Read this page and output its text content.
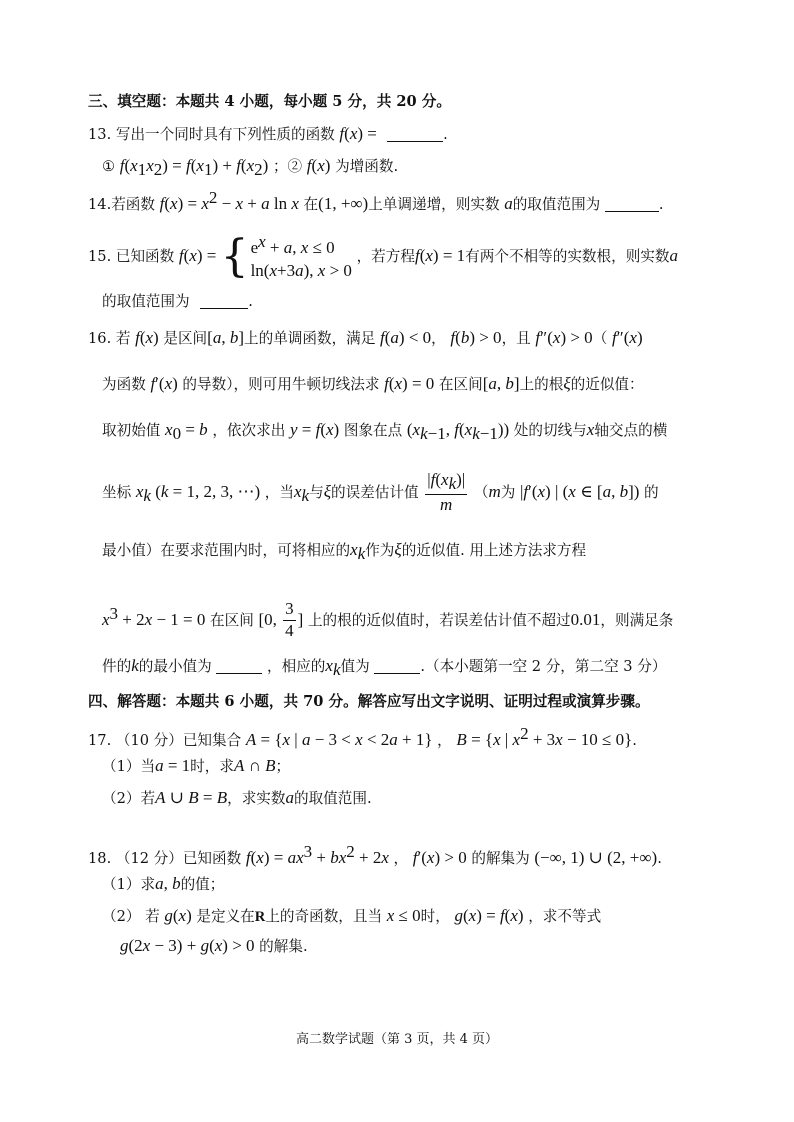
三、填空题：本题共 4 小题，每小题 5 分，共 20 分。
13. 写出一个同时具有下列性质的函数 f(x) =	.
① $f(x_1x_2) = f(x_1) + f(x_2)$ ；② f(x) 为增函数.
14.若函数 $f(x) = x^2 - x + a$ ln x 在(1, +∞)上单调递增，则实数 a的取值范围为	.
15. 已知函数 f(x) = { $e^x + a$, x ≤ 0
ln(x+3a), x > 0
，若方程f(x) = 1有两个不相等的实数根，则实数a
的取值范围为	.
16. 若 f(x) 是区间[a, b]上的单调函数，满足 f(a) < 0， f(b) > 0，且 f″(x) > 0（ f″(x)
为函数 f′(x) 的导数），则可用牛顿切线法求 f(x) = 0 在区间[a, b]上的根ξ的近似值：
取初始值 $x_0 = b$ ，依次求出 y = f(x) 图象在点 ($x_{k-1}$, $f(x_{k-1})$) 处的切线与x轴交点的横
坐标 $x_k$ (k = 1, 2, 3, ⋯) ，当$x_k$与ξ的误差估计值 $\frac{|f(x_k)|}{m} (m$为 |f′(x) | (x ∈ [a, b]) 的
最小值）在要求范围内时，可将相应的$x_k$作为ξ的近似值. 用上述方法求方程
$x^3 + 2x - 1 = 0$ 在区间 [0, $\frac{3}{4}$ ] 上的根的近似值时，若误差估计值不超过0.01，则满足条
件的k的最小值为	，相应的$x_k$值为	.（本小题第一空 2 分，第二空 3 分）
四、解答题：本题共 6 小题，共 70 分。解答应写出文字说明、证明过程或演算步骤。
17. （10 分）已知集合 A = {x | a − 3 < x < 2a + 1} ， B = {x | $x^2 + 3x - 10 \le 0$}.
（1）当a = 1时，求A ∩ B；
（2）若A ∪ B = B，求实数a的取值范围.
18. （12 分）已知函数 $f(x) = ax^3 + bx^2 + 2x$ ， f′(x) > 0 的解集为 (−∞, 1) ∪ (2, +∞).
（1）求a, b的值；
（2） 若 g(x) 是定义在R上的奇函数，且当 x ≤ 0时， g(x) = f(x) ，求不等式
g(2x − 3) + g(x) > 0 的解集.
高二数学试题（第 3 页，共 4 页）
